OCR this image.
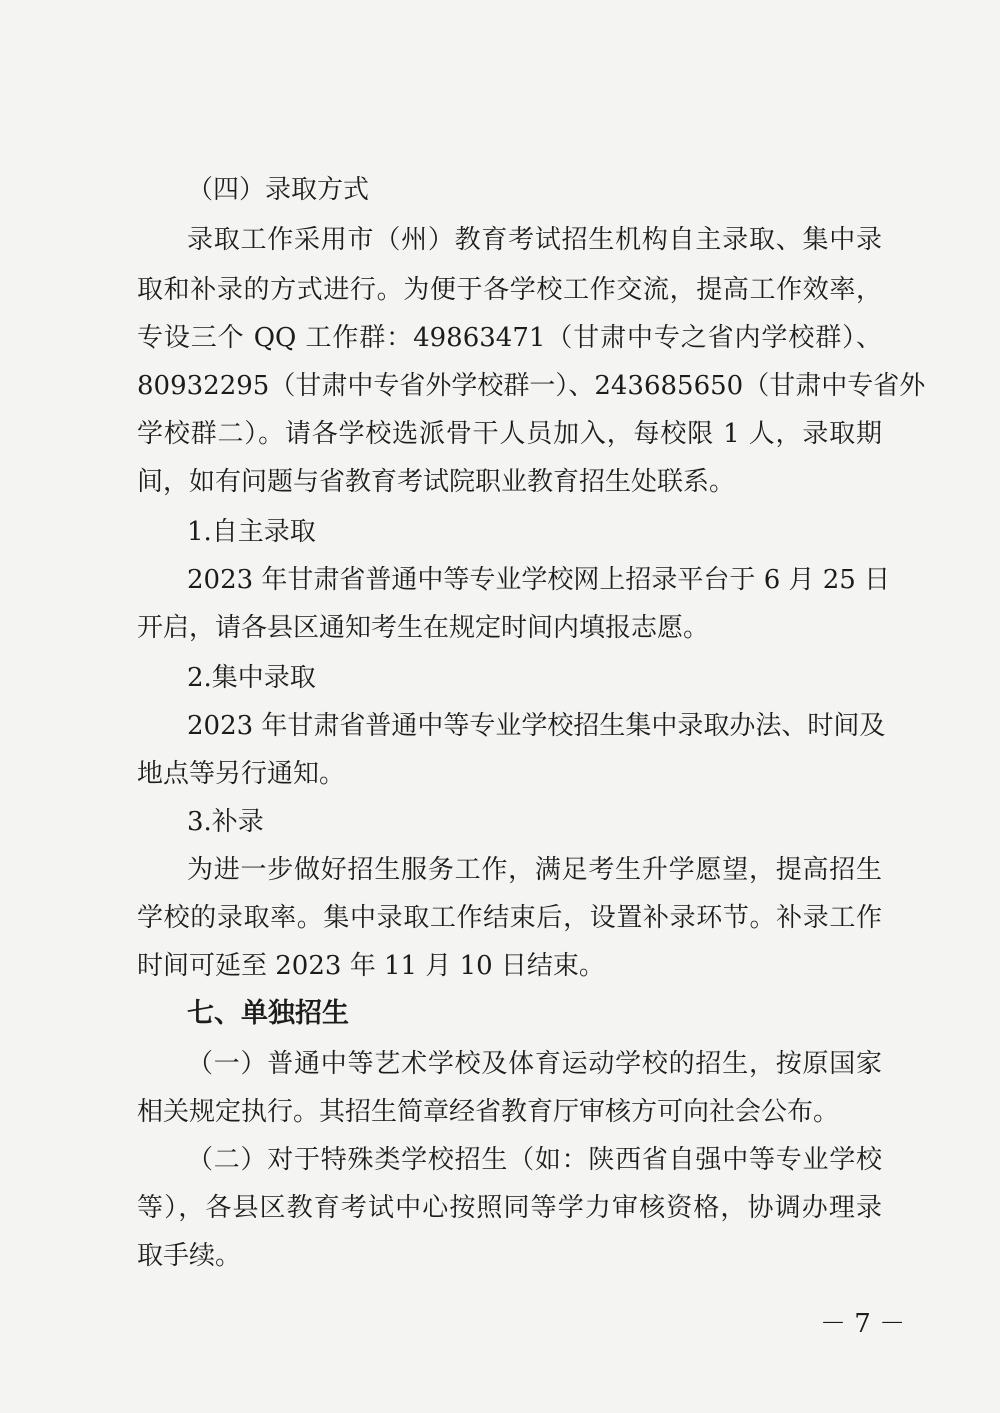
（四）录取方式
录取工作采用市（州）教育考试招生机构自主录取、集中录
取和补录的方式进行。为便于各学校工作交流，提高工作效率，
专设三个 QQ 工作群：49863471（甘肃中专之省内学校群）、
80932295（甘肃中专省外学校群一）、243685650（甘肃中专省外
学校群二）。请各学校选派骨干人员加入，每校限 1 人，录取期
间，如有问题与省教育考试院职业教育招生处联系。
1.自主录取
2023 年甘肃省普通中等专业学校网上招录平台于 6 月 25 日
开启，请各县区通知考生在规定时间内填报志愿。
2.集中录取
2023 年甘肃省普通中等专业学校招生集中录取办法、时间及
地点等另行通知。
3.补录
为进一步做好招生服务工作，满足考生升学愿望，提高招生
学校的录取率。集中录取工作结束后，设置补录环节。补录工作
时间可延至 2023 年 11 月 10 日结束。
七、单独招生
（一）普通中等艺术学校及体育运动学校的招生，按原国家
相关规定执行。其招生简章经省教育厅审核方可向社会公布。
（二）对于特殊类学校招生（如：陕西省自强中等专业学校
等），各县区教育考试中心按照同等学力审核资格，协调办理录
取手续。
－ 7 －
